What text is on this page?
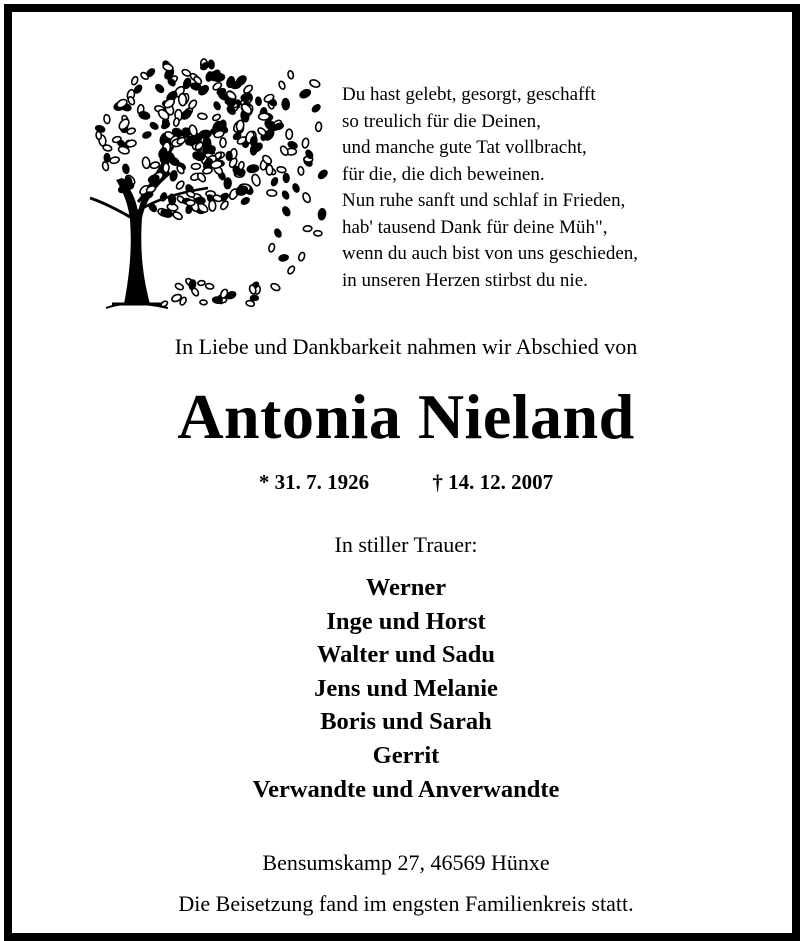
Du hast gelebt, gesorgt, geschafft
so treulich für die Deinen,
und manche gute Tat vollbracht,
für die, die dich beweinen.
Nun ruhe sanft und schlaf in Frieden,
hab' tausend Dank für deine Müh",
wenn du auch bist von uns geschieden,
in unseren Herzen stirbst du nie.
In Liebe und Dankbarkeit nahmen wir Abschied von
Antonia Nieland
* 31. 7. 1926	† 14. 12. 2007
In stiller Trauer:
Werner
Inge und Horst
Walter und Sadu
Jens und Melanie
Boris und Sarah
Gerrit
Verwandte und Anverwandte
Bensumskamp 27, 46569 Hünxe
Die Beisetzung fand im engsten Familienkreis statt.
